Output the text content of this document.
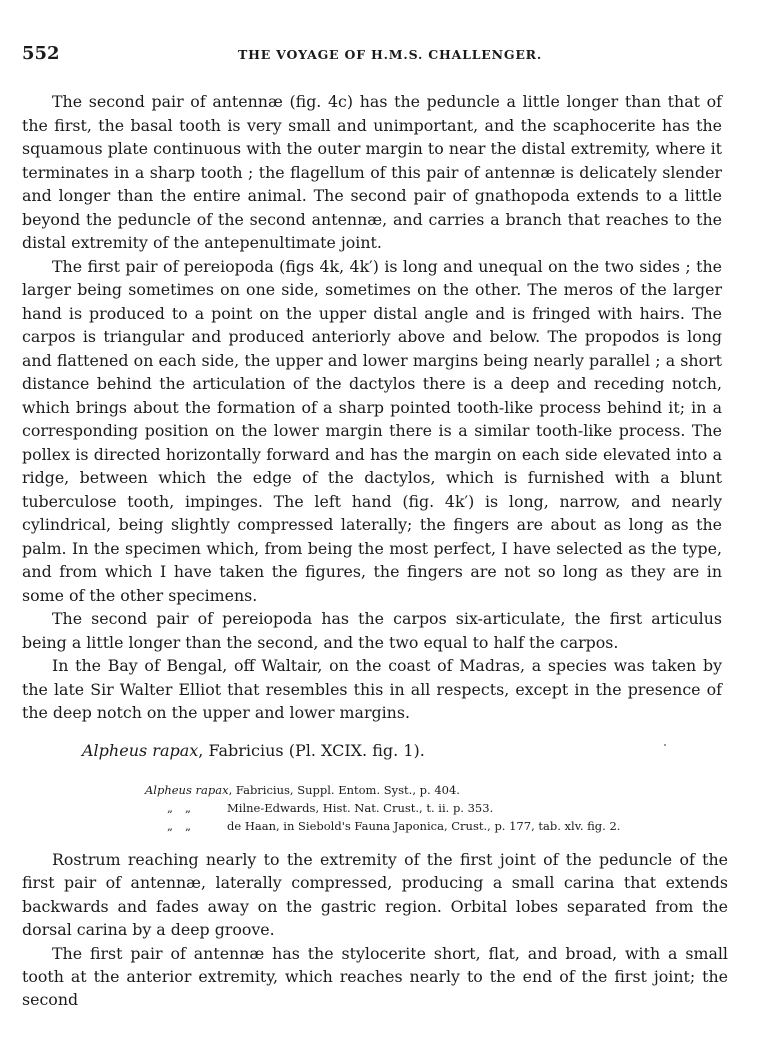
552	THE VOYAGE OF H.M.S. CHALLENGER.

The second pair of antennæ (fig. 4c) has the peduncle a little longer than that of the first, the basal tooth is very small and unimportant, and the scaphocerite has the squamous plate continuous with the outer margin to near the distal extremity, where it terminates in a sharp tooth ; the flagellum of this pair of antennæ is delicately slender and longer than the entire animal. The second pair of gnathopoda extends to a little beyond the peduncle of the second antennæ, and carries a branch that reaches to the distal extremity of the antepenultimate joint.

The first pair of pereiopoda (figs 4k, 4k′) is long and unequal on the two sides ; the larger being sometimes on one side, sometimes on the other. The meros of the larger hand is produced to a point on the upper distal angle and is fringed with hairs. The carpos is triangular and produced anteriorly above and below. The propodos is long and flattened on each side, the upper and lower margins being nearly parallel ; a short distance behind the articulation of the dactylos there is a deep and receding notch, which brings about the formation of a sharp pointed tooth-like process behind it; in a corresponding position on the lower margin there is a similar tooth-like process. The pollex is directed horizontally forward and has the margin on each side elevated into a ridge, between which the edge of the dactylos, which is furnished with a blunt tuberculose tooth, impinges. The left hand (fig. 4k′) is long, narrow, and nearly cylindrical, being slightly compressed laterally; the fingers are about as long as the palm. In the specimen which, from being the most perfect, I have selected as the type, and from which I have taken the figures, the fingers are not so long as they are in some of the other specimens.

The second pair of pereiopoda has the carpos six-articulate, the first articulus being a little longer than the second, and the two equal to half the carpos.

In the Bay of Bengal, off Waltair, on the coast of Madras, a species was taken by the late Sir Walter Elliot that resembles this in all respects, except in the presence of the deep notch on the upper and lower margins.

Alpheus rapax, Fabricius (Pl. XCIX. fig. 1).
Alpheus rapax, Fabricius, Suppl. Entom. Syst., p. 404.
„ „	Milne-Edwards, Hist. Nat. Crust., t. ii. p. 353.
„ „	de Haan, in Siebold's Fauna Japonica, Crust., p. 177, tab. xlv. fig. 2.

Rostrum reaching nearly to the extremity of the first joint of the peduncle of the first pair of antennæ, laterally compressed, producing a small carina that extends backwards and fades away on the gastric region. Orbital lobes separated from the dorsal carina by a deep groove.

The first pair of antennæ has the stylocerite short, flat, and broad, with a small tooth at the anterior extremity, which reaches nearly to the end of the first joint; the second
